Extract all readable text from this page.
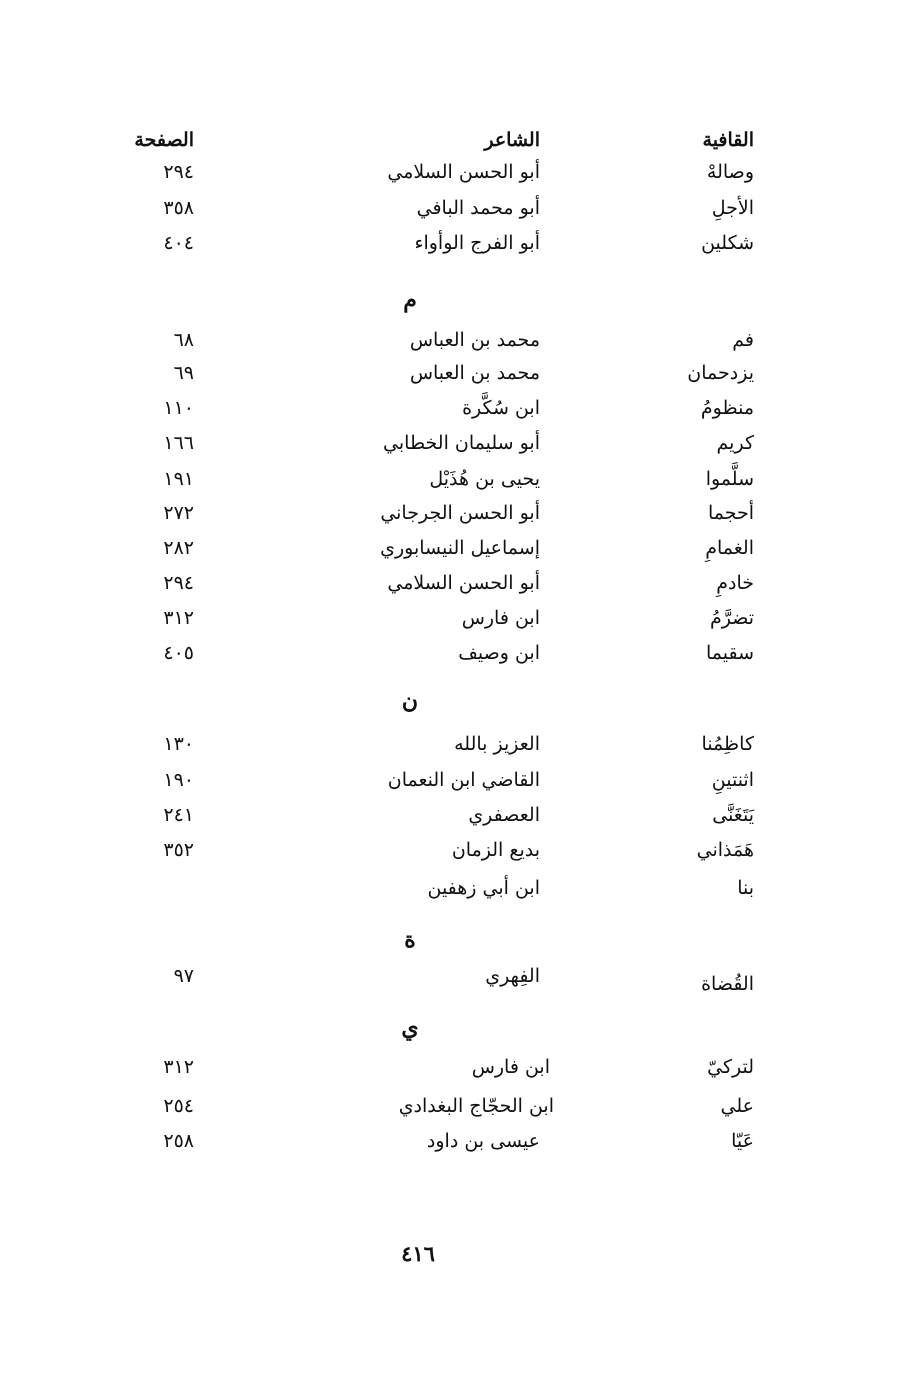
القافية
الشاعر
الصفحة
وصالهْ
أبو الحسن السلامي
٢٩٤
الأجلِ
أبو محمد البافي
٣٥٨
شكلين
أبو الفرج الوأواء
٤٠٤
م
فم
محمد بن العباس
٦٨
يزدحمان
محمد بن العباس
٦٩
منظومُ
ابن سُكَّرة
١١٠
كريم
أبو سليمان الخطابي
١٦٦
سلَّموا
يحيى بن هُذَيْل
١٩١
أحجما
أبو الحسن الجرجاني
٢٧٢
الغمامِ
إسماعيل النيسابوري
٢٨٢
خادمِ
أبو الحسن السلامي
٢٩٤
تضرَّمُ
ابن فارس
٣١٢
سقيما
ابن وصيف
٤٠٥
ن
كاظِمُنا
العزيز بالله
١٣٠
اثنتينِ
القاضي ابن النعمان
١٩٠
يَتَغَنَّى
العصفري
٢٤١
هَمَذاني
بديع الزمان
٣٥٢
بنا
ابن أبي زهفين
ة
القُضاة
الفِهري
٩٧
ي
لتركيّ
ابن فارس
٣١٢
علي
ابن الحجّاج البغدادي
٢٥٤
عَيّا
عيسى بن داود
٢٥٨
٤١٦
